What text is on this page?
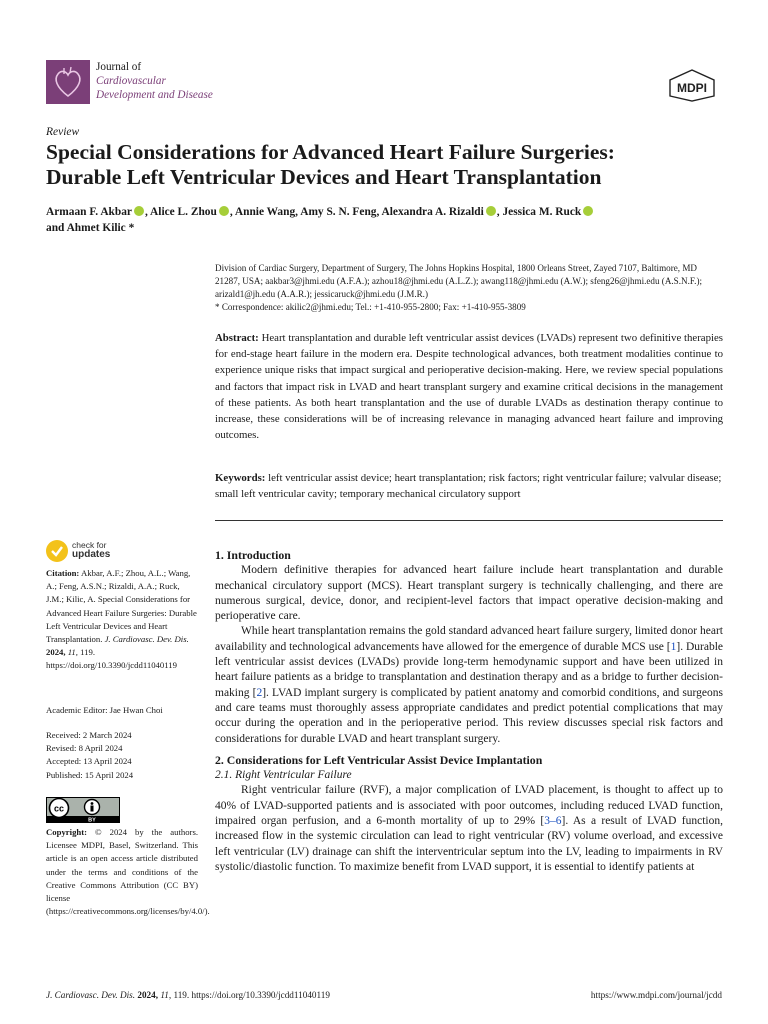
Journal of
Cardiovascular
Development and Disease	MDPI
Review
Special Considerations for Advanced Heart Failure Surgeries:
Durable Left Ventricular Devices and Heart Transplantation
Armaan F. Akbar , Alice L. Zhou , Annie Wang, Amy S. N. Feng, Alexandra A. Rizaldi , Jessica M. Ruck
and Ahmet Kilic *
Division of Cardiac Surgery, Department of Surgery, The Johns Hopkins Hospital, 1800 Orleans Street, Zayed 7107, Baltimore, MD 21287, USA; aakbar3@jhmi.edu (A.F.A.); azhou18@jhmi.edu (A.L.Z.); awang118@jhmi.edu (A.W.); sfeng26@jhmi.edu (A.S.N.F.); arizald1@jh.edu (A.A.R.); jessicaruck@jhmi.edu (J.M.R.)
* Correspondence: akilic2@jhmi.edu; Tel.: +1-410-955-2800; Fax: +1-410-955-3809
Abstract: Heart transplantation and durable left ventricular assist devices (LVADs) represent two definitive therapies for end-stage heart failure in the modern era. Despite technological advances, both treatment modalities continue to experience unique risks that impact surgical and perioperative decision-making. Here, we review special populations and factors that impact risk in LVAD and heart transplant surgery and examine critical decisions in the management of these patients. As both heart transplantation and the use of durable LVADs as destination therapy continue to increase, these considerations will be of increasing relevance in managing advanced heart failure and improving outcomes.
Keywords: left ventricular assist device; heart transplantation; risk factors; right ventricular failure; valvular disease; small left ventricular cavity; temporary mechanical circulatory support
check for
updates
Citation: Akbar, A.F.; Zhou, A.L.; Wang, A.; Feng, A.S.N.; Rizaldi, A.A.; Ruck, J.M.; Kilic, A. Special Considerations for Advanced Heart Failure Surgeries: Durable Left Ventricular Devices and Heart Transplantation. J. Cardiovasc. Dev. Dis. 2024, 11, 119. https://doi.org/10.3390/jcdd11040119
Academic Editor: Jae Hwan Choi
Received: 2 March 2024
Revised: 8 April 2024
Accepted: 13 April 2024
Published: 15 April 2024
cc
BY
Copyright: © 2024 by the authors. Licensee MDPI, Basel, Switzerland. This article is an open access article distributed under the terms and conditions of the Creative Commons Attribution (CC BY) license (https://creativecommons.org/licenses/by/4.0/).
1. Introduction

Modern definitive therapies for advanced heart failure include heart transplantation and durable mechanical circulatory support (MCS). Heart transplant surgery is technically challenging, and there are numerous surgical, device, donor, and recipient-level factors that impact operative decision-making and perioperative care.

While heart transplantation remains the gold standard advanced heart failure surgery, limited donor heart availability and technological advancements have allowed for the emergence of durable MCS use [1]. Durable left ventricular assist devices (LVADs) provide long-term hemodynamic support and have been utilized in heart failure patients as a bridge to transplantation and destination therapy and as a bridge to further decision-making [2]. LVAD implant surgery is complicated by patient anatomy and comorbid conditions, and surgeons and care teams must thoroughly assess appropriate candidates and predict potential complications that may occur during the operation and in the perioperative period. This review discusses special risk factors and considerations for durable LVAD and heart transplant surgery.

2. Considerations for Left Ventricular Assist Device Implantation
2.1. Right Ventricular Failure

Right ventricular failure (RVF), a major complication of LVAD placement, is thought to affect up to 40% of LVAD-supported patients and is associated with poor outcomes, including reduced LVAD function, impaired organ perfusion, and a 6-month mortality of up to 29% [3–6]. As a result of LVAD function, increased flow in the systemic circulation can lead to right ventricular (RV) volume overload, and excessive left ventricular (LV) drainage can shift the interventricular septum into the LV, leading to impairments in RV systolic/diastolic function. To maximize benefit from LVAD support, it is essential to identify patients at

J. Cardiovasc. Dev. Dis. 2024, 11, 119. https://doi.org/10.3390/jcdd11040119	https://www.mdpi.com/journal/jcdd
